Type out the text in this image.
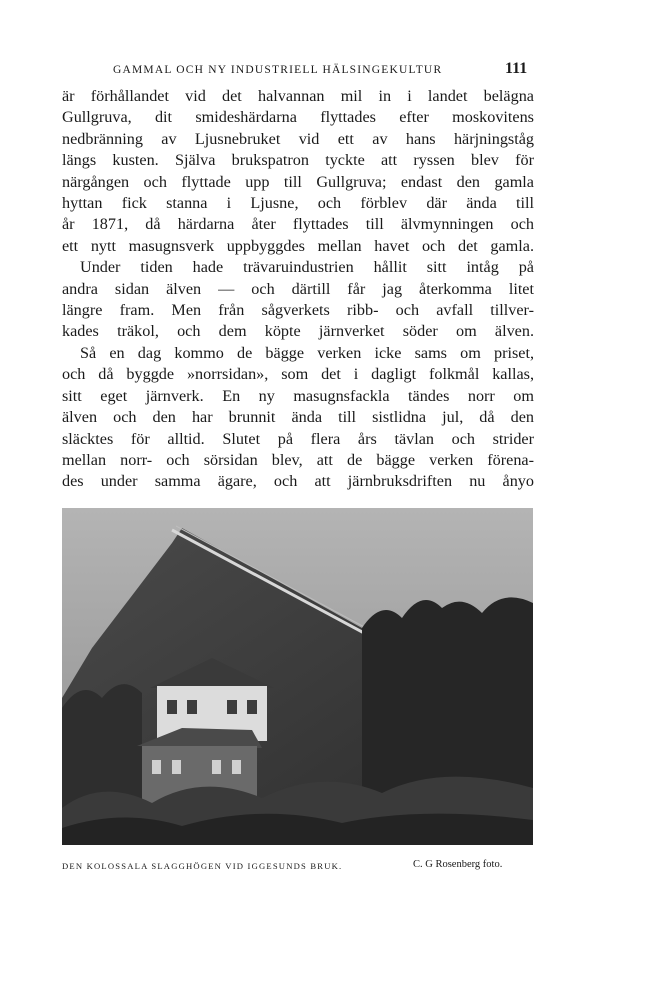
GAMMAL OCH NY INDUSTRIELL HÄLSINGEKULTUR	111
är förhållandet vid det halvannan mil in i landet belägna
Gullgruva, dit smideshärdarna flyttades efter moskovitens
nedbränning av Ljusnebruket vid ett av hans härjningståg
längs kusten. Själva brukspatron tyckte att ryssen blev för
närgången och flyttade upp till Gullgruva; endast den gamla
hyttan fick stanna i Ljusne, och förblev där ända till
år 1871, då härdarna åter flyttades till älvmynningen och
ett nytt masugnsverk uppbyggdes mellan havet och det gamla.
Under tiden hade trävaruindustrien hållit sitt intåg på
andra sidan älven — och därtill får jag återkomma litet
längre fram. Men från sågverkets ribb- och avfall tillver-
kades träkol, och dem köpte järnverket söder om älven.
Så en dag kommo de bägge verken icke sams om priset,
och då byggde »norrsidan», som det i dagligt folkmål kallas,
sitt eget järnverk. En ny masugnsfackla tändes norr om
älven och den har brunnit ända till sistlidna jul, då den
släcktes för alltid. Slutet på flera års tävlan och strider
mellan norr- och sörsidan blev, att de bägge verken förena-
des under samma ägare, och att järnbruksdriften nu ånyo
DEN KOLOSSALA SLAGGHÖGEN VID IGGESUNDS BRUK.	C. G Rosenberg foto.
